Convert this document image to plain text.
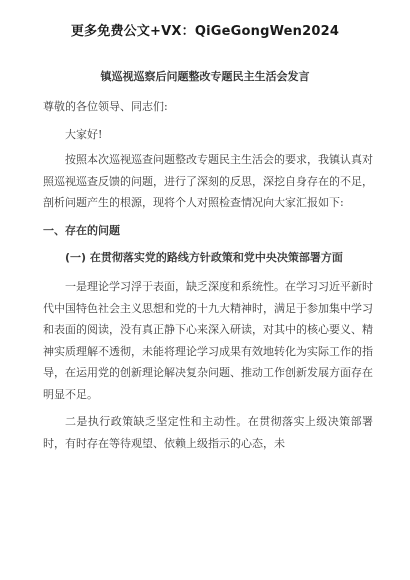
更多免费公文+VX：QiGeGongWen2024
镇巡视巡察后问题整改专题民主生活会发言

尊敬的各位领导、同志们:

大家好!

按照本次巡视巡查问题整改专题民主生活会的要求，我镇认真对照巡视巡查反馈的问题，进行了深刻的反思，深挖自身存在的不足，剖析问题产生的根源，现将个人对照检查情况向大家汇报如下:

一、存在的问题

(一) 在贯彻落实党的路线方针政策和党中央决策部署方面

一是理论学习浮于表面，缺乏深度和系统性。在学习习近平新时代中国特色社会主义思想和党的十九大精神时，满足于参加集中学习和表面的阅读，没有真正静下心来深入研读，对其中的核心要义、精神实质理解不透彻，未能将理论学习成果有效地转化为实际工作的指导，在运用党的创新理论解决复杂问题、推动工作创新发展方面存在明显不足。

二是执行政策缺乏坚定性和主动性。在贯彻落实上级决策部署时，有时存在等待观望、依赖上级指示的心态，未
